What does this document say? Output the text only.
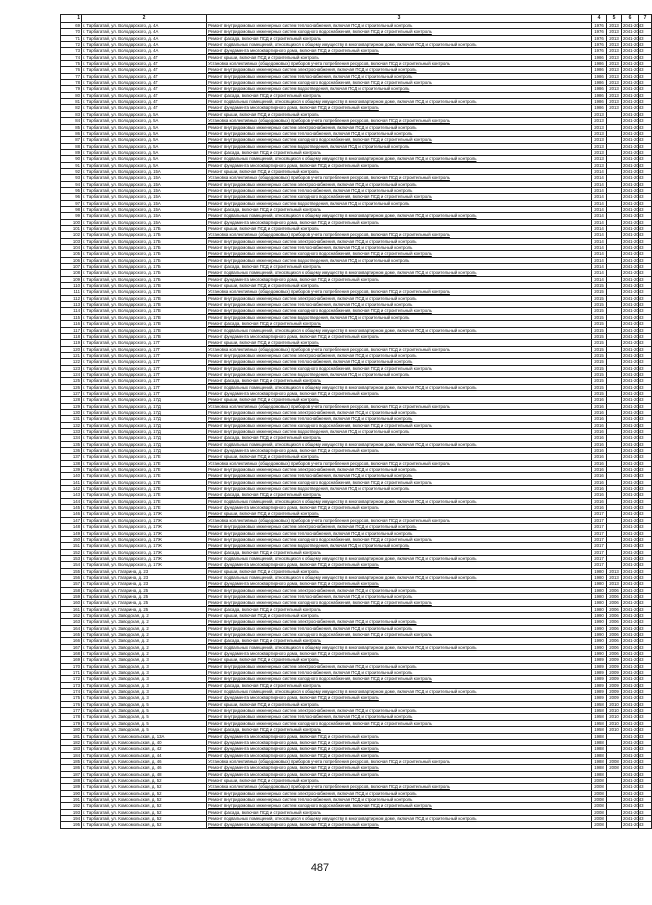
1	2	3	4	5	6	7
69	г. Тарбагатай, ул. Володарского, д. 4А	Ремонт внутридомовых инженерных систем теплоснабжения, включая ПСД и строительный контроль	1976	2013	2041-2043	
70	г. Тарбагатай, ул. Володарского, д. 4А	Ремонт внутридомовых инженерных систем холодного водоснабжения, включая ПСД и строительный контроль	1976	2013	2041-2043	
71	г. Тарбагатай, ул. Володарского, д. 4А	Ремонт фасада, включая ПСД и строительный контроль	1976	2013	2041-2043	
72	г. Тарбагатай, ул. Володарского, д. 4А	Ремонт подвальных помещений, относящихся к общему имуществу в многоквартирном доме, включая ПСД и строительный контроль	1976	2013	2041-2043	
73	г. Тарбагатай, ул. Володарского, д. 4А	Ремонт фундамента многоквартирного дома, включая ПСД и строительный контроль	1976	2013	2041-2043	
74	г. Тарбагатай, ул. Володарского, д. 4Г	Ремонт крыши, включая ПСД и строительный контроль	1986	2013	2041-2043	
75	г. Тарбагатай, ул. Володарского, д. 4Г	Установка коллективных (общедомовых) приборов учета потребления ресурсов, включая ПСД и строительный контроль	1986	2013	2041-2043	
76	г. Тарбагатай, ул. Володарского, д. 4Г	Ремонт внутридомовых инженерных систем электроснабжения, включая ПСД и строительный контроль	1986	2013	2041-2043	
77	г. Тарбагатай, ул. Володарского, д. 4Г	Ремонт внутридомовых инженерных систем теплоснабжения, включая ПСД и строительный контроль	1986	2013	2041-2043	
78	г. Тарбагатай, ул. Володарского, д. 4Г	Ремонт внутридомовых инженерных систем холодного водоснабжения, включая ПСД и строительный контроль	1986	2013	2041-2043	
79	г. Тарбагатай, ул. Володарского, д. 4Г	Ремонт внутридомовых инженерных систем водоотведения, включая ПСД и строительный контроль	1986	2013	2041-2043	
80	г. Тарбагатай, ул. Володарского, д. 4Г	Ремонт фасада, включая ПСД и строительный контроль	1986	2013	2041-2043	
81	г. Тарбагатай, ул. Володарского, д. 4Г	Ремонт подвальных помещений, относящихся к общему имуществу в многоквартирном доме, включая ПСД и строительный контроль	1986	2013	2041-2043	
82	г. Тарбагатай, ул. Володарского, д. 4Г	Ремонт фундамента многоквартирного дома, включая ПСД и строительный контроль	1986	2013	2041-2043	
83	г. Тарбагатай, ул. Володарского, д. 5А	Ремонт крыши, включая ПСД и строительный контроль	2013		2041-2043	
84	г. Тарбагатай, ул. Володарского, д. 5А	Установка коллективных (общедомовых) приборов учета потребления ресурсов, включая ПСД и строительный контроль	2013		2041-2043	
85	г. Тарбагатай, ул. Володарского, д. 5А	Ремонт внутридомовых инженерных систем электроснабжения, включая ПСД и строительный контроль	2013		2041-2043	
86	г. Тарбагатай, ул. Володарского, д. 5А	Ремонт внутридомовых инженерных систем теплоснабжения, включая ПСД и строительный контроль	2013		2041-2043	
87	г. Тарбагатай, ул. Володарского, д. 5А	Ремонт внутридомовых инженерных систем холодного водоснабжения, включая ПСД и строительный контроль	2013		2041-2043	
88	г. Тарбагатай, ул. Володарского, д. 5А	Ремонт внутридомовых инженерных систем водоотведения, включая ПСД и строительный контроль	2013		2041-2043	
89	г. Тарбагатай, ул. Володарского, д. 5А	Ремонт фасада, включая ПСД и строительный контроль	2013		2041-2043	
90	г. Тарбагатай, ул. Володарского, д. 5А	Ремонт подвальных помещений, относящихся к общему имуществу в многоквартирном доме, включая ПСД и строительный контроль	2013		2041-2043	
91	г. Тарбагатай, ул. Володарского, д. 5А	Ремонт фундамента многоквартирного дома, включая ПСД и строительный контроль	2013		2041-2043	
92	г. Тарбагатай, ул. Володарского, д. 15А	Ремонт крыши, включая ПСД и строительный контроль	2014		2041-2043	
93	г. Тарбагатай, ул. Володарского, д. 15А	Установка коллективных (общедомовых) приборов учета потребления ресурсов, включая ПСД и строительный контроль	2014		2041-2043	
94	г. Тарбагатай, ул. Володарского, д. 15А	Ремонт внутридомовых инженерных систем электроснабжения, включая ПСД и строительный контроль	2014		2041-2043	
95	г. Тарбагатай, ул. Володарского, д. 15А	Ремонт внутридомовых инженерных систем теплоснабжения, включая ПСД и строительный контроль	2014		2041-2043	
96	г. Тарбагатай, ул. Володарского, д. 15А	Ремонт внутридомовых инженерных систем холодного водоснабжения, включая ПСД и строительный контроль	2014		2041-2043	
97	г. Тарбагатай, ул. Володарского, д. 15А	Ремонт внутридомовых инженерных систем водоотведения, включая ПСД и строительный контроль	2014		2041-2043	
98	г. Тарбагатай, ул. Володарского, д. 15А	Ремонт фасада, включая ПСД и строительный контроль	2014		2041-2043	
99	г. Тарбагатай, ул. Володарского, д. 15А	Ремонт подвальных помещений, относящихся к общему имуществу в многоквартирном доме, включая ПСД и строительный контроль	2014		2041-2043	
100	г. Тарбагатай, ул. Володарского, д. 15А	Ремонт фундамента многоквартирного дома, включая ПСД и строительный контроль	2014		2041-2043	
101	г. Тарбагатай, ул. Володарского, д. 17Б	Ремонт крыши, включая ПСД и строительный контроль	2014		2041-2043	
102	г. Тарбагатай, ул. Володарского, д. 17Б	Установка коллективных (общедомовых) приборов учета потребления ресурсов, включая ПСД и строительный контроль	2014		2041-2043	
103	г. Тарбагатай, ул. Володарского, д. 17Б	Ремонт внутридомовых инженерных систем электроснабжения, включая ПСД и строительный контроль	2014		2041-2043	
104	г. Тарбагатай, ул. Володарского, д. 17Б	Ремонт внутридомовых инженерных систем теплоснабжения, включая ПСД и строительный контроль	2014		2041-2043	
105	г. Тарбагатай, ул. Володарского, д. 17Б	Ремонт внутридомовых инженерных систем холодного водоснабжения, включая ПСД и строительный контроль	2014		2041-2043	
106	г. Тарбагатай, ул. Володарского, д. 17Б	Ремонт внутридомовых инженерных систем водоотведения, включая ПСД и строительный контроль	2014		2041-2043	
107	г. Тарбагатай, ул. Володарского, д. 17Б	Ремонт фасада, включая ПСД и строительный контроль	2014		2041-2043	
108	г. Тарбагатай, ул. Володарского, д. 17Б	Ремонт подвальных помещений, относящихся к общему имуществу в многоквартирном доме, включая ПСД и строительный контроль	2014		2041-2043	
109	г. Тарбагатай, ул. Володарского, д. 17Б	Ремонт фундамента многоквартирного дома, включая ПСД и строительный контроль	2014		2041-2043	
110	г. Тарбагатай, ул. Володарского, д. 17В	Ремонт крыши, включая ПСД и строительный контроль	2015		2041-2043	
111	г. Тарбагатай, ул. Володарского, д. 17В	Установка коллективных (общедомовых) приборов учета потребления ресурсов, включая ПСД и строительный контроль	2015		2041-2043	
112	г. Тарбагатай, ул. Володарского, д. 17В	Ремонт внутридомовых инженерных систем электроснабжения, включая ПСД и строительный контроль	2015		2041-2043	
113	г. Тарбагатай, ул. Володарского, д. 17В	Ремонт внутридомовых инженерных систем теплоснабжения, включая ПСД и строительный контроль	2015		2041-2043	
114	г. Тарбагатай, ул. Володарского, д. 17В	Ремонт внутридомовых инженерных систем холодного водоснабжения, включая ПСД и строительный контроль	2015		2041-2043	
115	г. Тарбагатай, ул. Володарского, д. 17В	Ремонт внутридомовых инженерных систем водоотведения, включая ПСД и строительный контроль	2015		2041-2043	
116	г. Тарбагатай, ул. Володарского, д. 17В	Ремонт фасада, включая ПСД и строительный контроль	2015		2041-2043	
117	г. Тарбагатай, ул. Володарского, д. 17В	Ремонт подвальных помещений, относящихся к общему имуществу в многоквартирном доме, включая ПСД и строительный контроль	2015		2041-2043	
118	г. Тарбагатай, ул. Володарского, д. 17В	Ремонт фундамента многоквартирного дома, включая ПСД и строительный контроль	2015		2041-2043	
119	г. Тарбагатай, ул. Володарского, д. 17Г	Ремонт крыши, включая ПСД и строительный контроль	2015		2041-2043	
120	г. Тарбагатай, ул. Володарского, д. 17Г	Установка коллективных (общедомовых) приборов учета потребления ресурсов, включая ПСД и строительный контроль	2015		2041-2043	
121	г. Тарбагатай, ул. Володарского, д. 17Г	Ремонт внутридомовых инженерных систем электроснабжения, включая ПСД и строительный контроль	2015		2041-2043	
122	г. Тарбагатай, ул. Володарского, д. 17Г	Ремонт внутридомовых инженерных систем теплоснабжения, включая ПСД и строительный контроль	2015		2041-2043	
123	г. Тарбагатай, ул. Володарского, д. 17Г	Ремонт внутридомовых инженерных систем холодного водоснабжения, включая ПСД и строительный контроль	2015		2041-2043	
124	г. Тарбагатай, ул. Володарского, д. 17Г	Ремонт внутридомовых инженерных систем водоотведения, включая ПСД и строительный контроль	2015		2041-2043	
125	г. Тарбагатай, ул. Володарского, д. 17Г	Ремонт фасада, включая ПСД и строительный контроль	2015		2041-2043	
126	г. Тарбагатай, ул. Володарского, д. 17Г	Ремонт подвальных помещений, относящихся к общему имуществу в многоквартирном доме, включая ПСД и строительный контроль	2015		2041-2043	
127	г. Тарбагатай, ул. Володарского, д. 17Г	Ремонт фундамента многоквартирного дома, включая ПСД и строительный контроль	2015		2041-2043	
128	г. Тарбагатай, ул. Володарского, д. 17Д	Ремонт крыши, включая ПСД и строительный контроль	2016		2041-2043	
129	г. Тарбагатай, ул. Володарского, д. 17Д	Установка коллективных (общедомовых) приборов учета потребления ресурсов, включая ПСД и строительный контроль	2016		2041-2043	
130	г. Тарбагатай, ул. Володарского, д. 17Д	Ремонт внутридомовых инженерных систем электроснабжения, включая ПСД и строительный контроль	2016		2041-2043	
131	г. Тарбагатай, ул. Володарского, д. 17Д	Ремонт внутридомовых инженерных систем теплоснабжения, включая ПСД и строительный контроль	2016		2041-2043	
132	г. Тарбагатай, ул. Володарского, д. 17Д	Ремонт внутридомовых инженерных систем холодного водоснабжения, включая ПСД и строительный контроль	2016		2041-2043	
133	г. Тарбагатай, ул. Володарского, д. 17Д	Ремонт внутридомовых инженерных систем водоотведения, включая ПСД и строительный контроль	2016		2041-2043	
134	г. Тарбагатай, ул. Володарского, д. 17Д	Ремонт фасада, включая ПСД и строительный контроль	2016		2041-2043	
135	г. Тарбагатай, ул. Володарского, д. 17Д	Ремонт подвальных помещений, относящихся к общему имуществу в многоквартирном доме, включая ПСД и строительный контроль	2016		2041-2043	
136	г. Тарбагатай, ул. Володарского, д. 17Д	Ремонт фундамента многоквартирного дома, включая ПСД и строительный контроль	2016		2041-2043	
137	г. Тарбагатай, ул. Володарского, д. 17Е	Ремонт крыши, включая ПСД и строительный контроль	2016		2041-2043	
138	г. Тарбагатай, ул. Володарского, д. 17Е	Установка коллективных (общедомовых) приборов учета потребления ресурсов, включая ПСД и строительный контроль	2016		2041-2043	
139	г. Тарбагатай, ул. Володарского, д. 17Е	Ремонт внутридомовых инженерных систем электроснабжения, включая ПСД и строительный контроль	2016		2041-2043	
140	г. Тарбагатай, ул. Володарского, д. 17Е	Ремонт внутридомовых инженерных систем теплоснабжения, включая ПСД и строительный контроль	2016		2041-2043	
141	г. Тарбагатай, ул. Володарского, д. 17Е	Ремонт внутридомовых инженерных систем холодного водоснабжения, включая ПСД и строительный контроль	2016		2041-2043	
142	г. Тарбагатай, ул. Володарского, д. 17Е	Ремонт внутридомовых инженерных систем водоотведения, включая ПСД и строительный контроль	2016		2041-2043	
143	г. Тарбагатай, ул. Володарского, д. 17Е	Ремонт фасада, включая ПСД и строительный контроль	2016		2041-2043	
144	г. Тарбагатай, ул. Володарского, д. 17Е	Ремонт подвальных помещений, относящихся к общему имуществу в многоквартирном доме, включая ПСД и строительный контроль	2016		2041-2043	
145	г. Тарбагатай, ул. Володарского, д. 17Е	Ремонт фундамента многоквартирного дома, включая ПСД и строительный контроль	2016		2041-2043	
146	г. Тарбагатай, ул. Володарского, д. 17Ж	Ремонт крыши, включая ПСД и строительный контроль	2017		2041-2043	
147	г. Тарбагатай, ул. Володарского, д. 17Ж	Установка коллективных (общедомовых) приборов учета потребления ресурсов, включая ПСД и строительный контроль	2017		2041-2043	
148	г. Тарбагатай, ул. Володарского, д. 17Ж	Ремонт внутридомовых инженерных систем электроснабжения, включая ПСД и строительный контроль	2017		2041-2043	
149	г. Тарбагатай, ул. Володарского, д. 17Ж	Ремонт внутридомовых инженерных систем теплоснабжения, включая ПСД и строительный контроль	2017		2041-2043	
150	г. Тарбагатай, ул. Володарского, д. 17Ж	Ремонт внутридомовых инженерных систем холодного водоснабжения, включая ПСД и строительный контроль	2017		2041-2043	
151	г. Тарбагатай, ул. Володарского, д. 17Ж	Ремонт внутридомовых инженерных систем водоотведения, включая ПСД и строительный контроль	2017		2041-2043	
152	г. Тарбагатай, ул. Володарского, д. 17Ж	Ремонт фасада, включая ПСД и строительный контроль	2017		2041-2043	
153	г. Тарбагатай, ул. Володарского, д. 17Ж	Ремонт подвальных помещений, относящихся к общему имуществу в многоквартирном доме, включая ПСД и строительный контроль	2017		2041-2043	
154	г. Тарбагатай, ул. Володарского, д. 17Ж	Ремонт фундамента многоквартирного дома, включая ПСД и строительный контроль	2017		2041-2043	
155	г. Тарбагатай, ул. Гагарина, д. 23	Ремонт крыши, включая ПСД и строительный контроль	1980	2013	2041-2043	
156	г. Тарбагатай, ул. Гагарина, д. 23	Ремонт подвальных помещений, относящихся к общему имуществу в многоквартирном доме, включая ПСД и строительный контроль	1980	2013	2041-2043	
157	г. Тарбагатай, ул. Гагарина, д. 23	Ремонт фундамента многоквартирного дома, включая ПСД и строительный контроль	1980	2013	2041-2043	
158	г. Тарбагатай, ул. Гагарина, д. 25	Ремонт внутридомовых инженерных систем электроснабжения, включая ПСД и строительный контроль	1980	2006	2041-2043	
159	г. Тарбагатай, ул. Гагарина, д. 25	Ремонт внутридомовых инженерных систем теплоснабжения, включая ПСД и строительный контроль	1980	2006	2041-2043	
160	г. Тарбагатай, ул. Гагарина, д. 25	Ремонт внутридомовых инженерных систем холодного водоснабжения, включая ПСД и строительный контроль	1980	2006	2041-2043	
161	г. Тарбагатай, ул. Гагарина, д. 25	Ремонт фасада, включая ПСД и строительный контроль	1980	2006	2041-2043	
162	г. Тарбагатай, ул. Заводская, д. 2	Ремонт крыши, включая ПСД и строительный контроль	1990	2006	2041-2043	
163	г. Тарбагатай, ул. Заводская, д. 2	Ремонт внутридомовых инженерных систем электроснабжения, включая ПСД и строительный контроль	1990	2006	2041-2043	
164	г. Тарбагатай, ул. Заводская, д. 2	Ремонт внутридомовых инженерных систем теплоснабжения, включая ПСД и строительный контроль	1990	2006	2041-2043	
165	г. Тарбагатай, ул. Заводская, д. 2	Ремонт внутридомовых инженерных систем холодного водоснабжения, включая ПСД и строительный контроль	1990	2006	2041-2043	
166	г. Тарбагатай, ул. Заводская, д. 2	Ремонт фасада, включая ПСД и строительный контроль	1990	2006	2041-2043	
167	г. Тарбагатай, ул. Заводская, д. 2	Ремонт подвальных помещений, относящихся к общему имуществу в многоквартирном доме, включая ПСД и строительный контроль	1990	2006	2041-2043	
168	г. Тарбагатай, ул. Заводская, д. 2	Ремонт фундамента многоквартирного дома, включая ПСД и строительный контроль	1990	2006	2041-2043	
169	г. Тарбагатай, ул. Заводская, д. 3	Ремонт крыши, включая ПСД и строительный контроль	1989	2009	2041-2043	
170	г. Тарбагатай, ул. Заводская, д. 3	Ремонт внутридомовых инженерных систем электроснабжения, включая ПСД и строительный контроль	1989	2009	2041-2043	
171	г. Тарбагатай, ул. Заводская, д. 3	Ремонт внутридомовых инженерных систем теплоснабжения, включая ПСД и строительный контроль	1989	2009	2041-2043	
172	г. Тарбагатай, ул. Заводская, д. 3	Ремонт внутридомовых инженерных систем холодного водоснабжения, включая ПСД и строительный контроль	1989	2009	2041-2043	
173	г. Тарбагатай, ул. Заводская, д. 3	Ремонт фасада, включая ПСД и строительный контроль	1989	2009	2041-2043	
174	г. Тарбагатай, ул. Заводская, д. 3	Ремонт подвальных помещений, относящихся к общему имуществу в многоквартирном доме, включая ПСД и строительный контроль	1989	2009	2041-2043	
175	г. Тарбагатай, ул. Заводская, д. 3	Ремонт фундамента многоквартирного дома, включая ПСД и строительный контроль	1989	2009	2041-2043	
176	г. Тарбагатай, ул. Заводская, д. 5	Ремонт крыши, включая ПСД и строительный контроль	1958	2010	2041-2043	
177	г. Тарбагатай, ул. Заводская, д. 5	Ремонт внутридомовых инженерных систем электроснабжения, включая ПСД и строительный контроль	1958	2010	2041-2043	
178	г. Тарбагатай, ул. Заводская, д. 5	Ремонт внутридомовых инженерных систем теплоснабжения, включая ПСД и строительный контроль	1958	2010	2041-2043	
179	г. Тарбагатай, ул. Заводская, д. 5	Ремонт внутридомовых инженерных систем холодного водоснабжения, включая ПСД и строительный контроль	1958	2010	2041-2043	
180	г. Тарбагатай, ул. Заводская, д. 5	Ремонт фасада, включая ПСД и строительный контроль	1958	2010	2041-2043	
181	г. Тарбагатай, ул. Комсомольская, д. 13А	Ремонт фундамента многоквартирного дома, включая ПСД и строительный контроль	1988		2041-2043	
182	г. Тарбагатай, ул. Комсомольская, д. 40	Ремонт фундамента многоквартирного дома, включая ПСД и строительный контроль	1988		2041-2043	
183	г. Тарбагатай, ул. Комсомольская, д. 42	Ремонт фундамента многоквартирного дома, включая ПСД и строительный контроль	1988		2041-2043	
184	г. Тарбагатай, ул. Комсомольская, д. 44	Ремонт фундамента многоквартирного дома, включая ПСД и строительный контроль	1988		2041-2043	
185	г. Тарбагатай, ул. Комсомольская, д. 46	Установка коллективных (общедомовых) приборов учета потребления ресурсов, включая ПСД и строительный контроль	1988	2008	2041-2043	
186	г. Тарбагатай, ул. Комсомольская, д. 46	Ремонт фундамента многоквартирного дома, включая ПСД и строительный контроль	1988	2008	2041-2043	
187	г. Тарбагатай, ул. Комсомольская, д. 48	Ремонт фундамента многоквартирного дома, включая ПСД и строительный контроль	1988		2041-2043	
188	г. Тарбагатай, ул. Комсомольская, д. 52	Ремонт крыши, включая ПСД и строительный контроль	2008		2041-2043	
189	г. Тарбагатай, ул. Комсомольская, д. 52	Установка коллективных (общедомовых) приборов учета потребления ресурсов, включая ПСД и строительный контроль	2008		2041-2043	
190	г. Тарбагатай, ул. Комсомольская, д. 52	Ремонт внутридомовых инженерных систем электроснабжения, включая ПСД и строительный контроль	2008		2041-2043	
191	г. Тарбагатай, ул. Комсомольская, д. 52	Ремонт внутридомовых инженерных систем теплоснабжения, включая ПСД и строительный контроль	2008		2041-2043	
192	г. Тарбагатай, ул. Комсомольская, д. 52	Ремонт внутридомовых инженерных систем холодного водоснабжения, включая ПСД и строительный контроль	2008		2041-2043	
193	г. Тарбагатай, ул. Комсомольская, д. 52	Ремонт фасада, включая ПСД и строительный контроль	2008		2041-2043	
194	г. Тарбагатай, ул. Комсомольская, д. 52	Ремонт подвальных помещений, относящихся к общему имуществу в многоквартирном доме, включая ПСД и строительный контроль	2008		2041-2043	
195	г. Тарбагатай, ул. Комсомольская, д. 52	Ремонт фундамента многоквартирного дома, включая ПСД и строительный контроль	2008		2041-2043	
487
